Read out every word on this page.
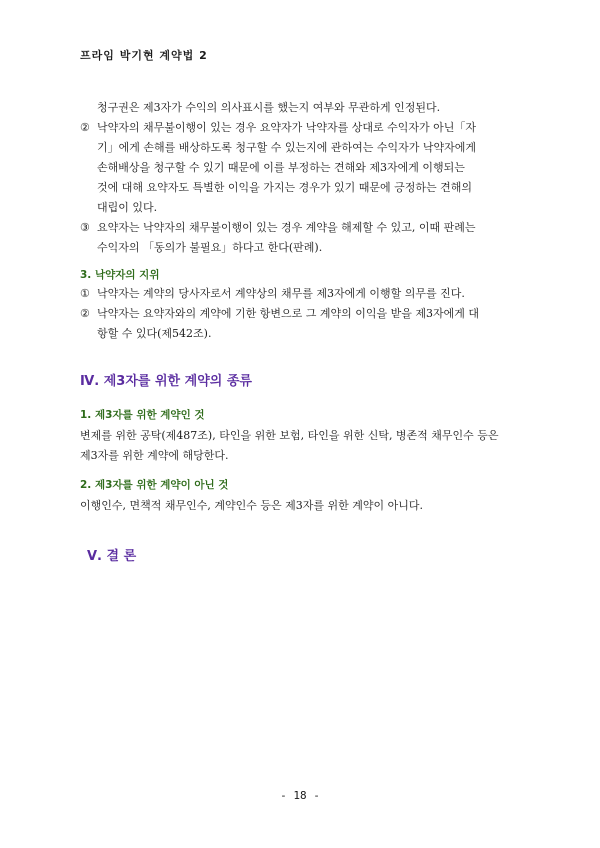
프라임 박기현 계약법 2
청구권은 제3자가 수익의 의사표시를 했는지 여부와 무관하게 인정된다.
② 낙약자의 채무불이행이 있는 경우 요약자가 낙약자를 상대로 수익자가 아닌「자
기」에게 손해를 배상하도록 청구할 수 있는지에 관하여는 수익자가 낙약자에게
손해배상을 청구할 수 있기 때문에 이를 부정하는 견해와 제3자에게 이행되는
것에 대해 요약자도 특별한 이익을 가지는 경우가 있기 때문에 긍정하는 견해의
대립이 있다.
③ 요약자는 낙약자의 채무불이행이 있는 경우 계약을 해제할 수 있고, 이때 판례는
수익자의 「동의가 불필요」하다고 한다(판례).
3. 낙약자의 지위
① 낙약자는 계약의 당사자로서 계약상의 채무를 제3자에게 이행할 의무를 진다.
② 낙약자는 요약자와의 계약에 기한 항변으로 그 계약의 이익을 받을 제3자에게 대
항할 수 있다(제542조).
Ⅳ. 제3자를 위한 계약의 종류
1. 제3자를 위한 계약인 것
변제를 위한 공탁(제487조), 타인을 위한 보험, 타인을 위한 신탁, 병존적 채무인수 등은
제3자를 위한 계약에 해당한다.
2. 제3자를 위한 계약이 아닌 것
이행인수, 면책적 채무인수, 계약인수 등은 제3자를 위한 계약이 아니다.
Ⅴ. 결 론
- 18 -
